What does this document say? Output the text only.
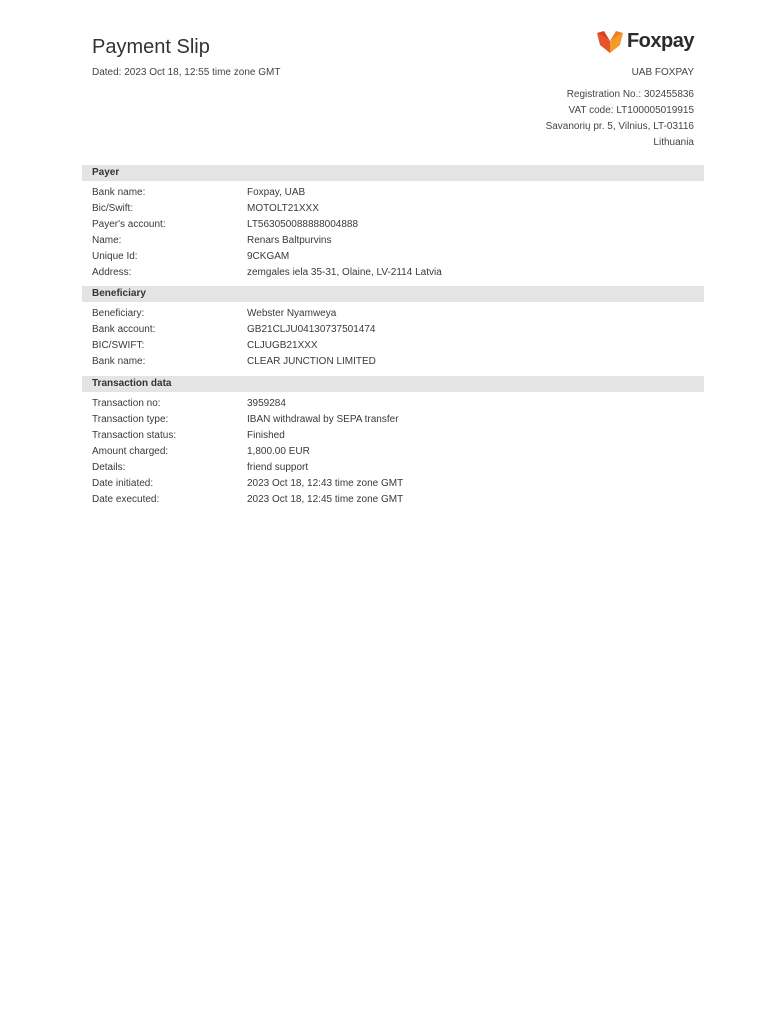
Payment Slip
Dated: 2023 Oct 18, 12:55 time zone GMT
Foxpay
UAB FOXPAY
Registration No.: 302455836
VAT code: LT100005019915
Savanorių pr. 5, Vilnius, LT-03116
Lithuania
Payer
Bank name:	Foxpay, UAB
Bic/Swift:	MOTOLT21XXX
Payer's account:	LT563050088888004888
Name:	Renars Baltpurvins
Unique Id:	9CKGAM
Address:	zemgales iela 35-31, Olaine, LV-2114 Latvia
Beneficiary
Beneficiary:	Webster Nyamweya
Bank account:	GB21CLJU04130737501474
BIC/SWIFT:	CLJUGB21XXX
Bank name:	CLEAR JUNCTION LIMITED
Transaction data
Transaction no:	3959284
Transaction type:	IBAN withdrawal by SEPA transfer
Transaction status:	Finished
Amount charged:	1,800.00 EUR
Details:	friend support
Date initiated:	2023 Oct 18, 12:43 time zone GMT
Date executed:	2023 Oct 18, 12:45 time zone GMT
